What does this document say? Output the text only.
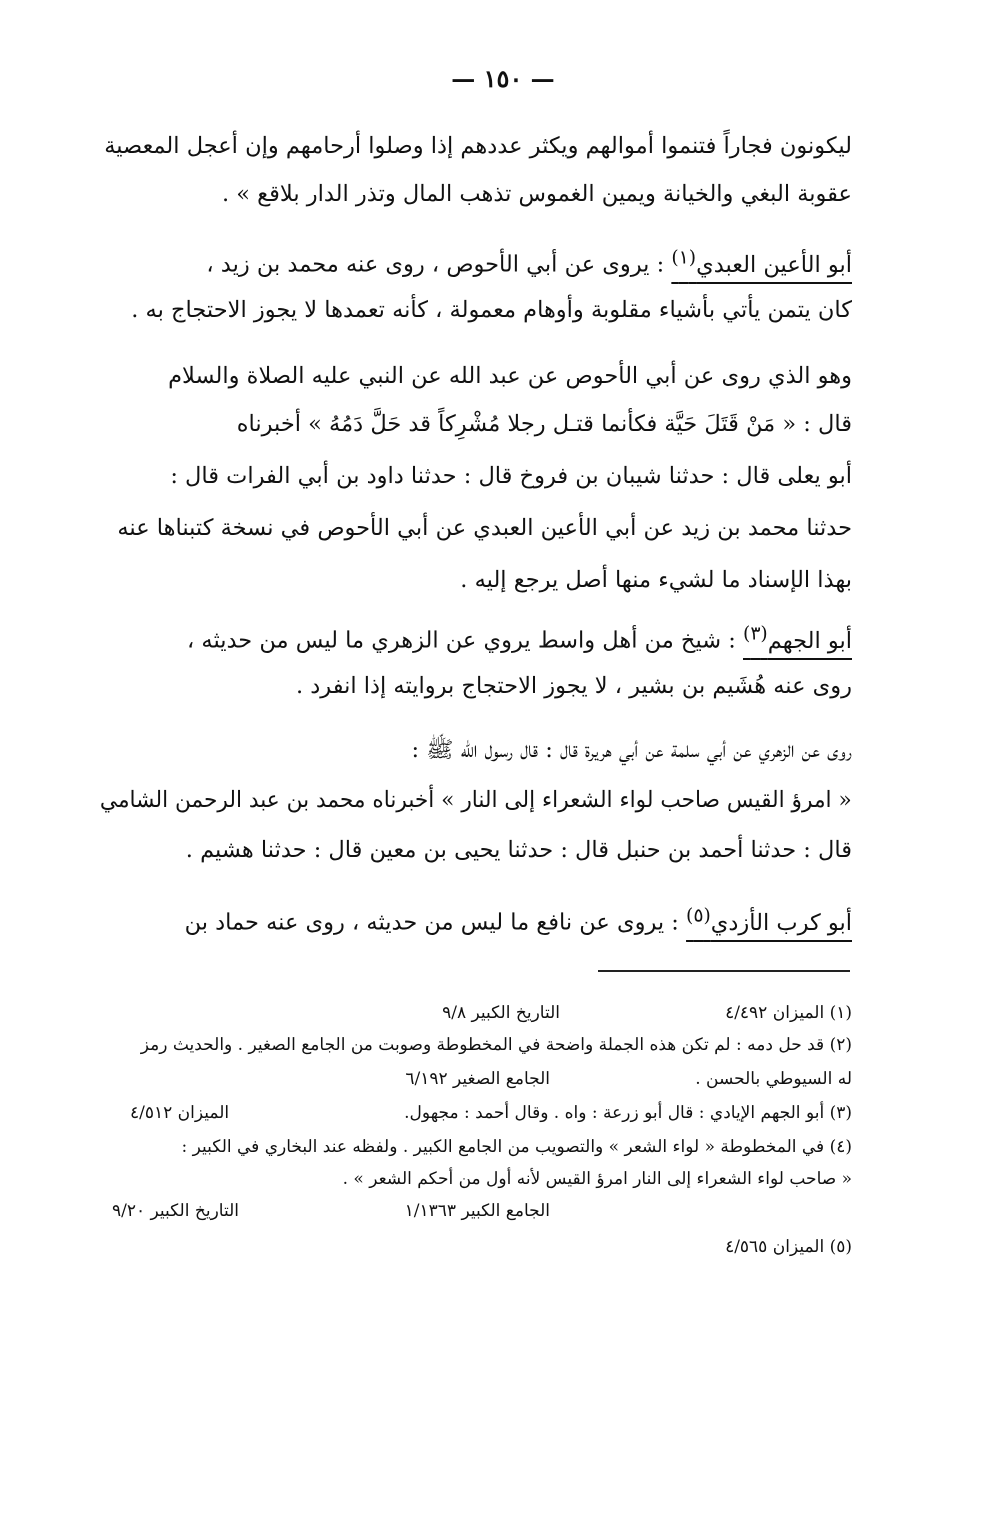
— ١٥٠ —
ليكونون فجاراً فتنموا أموالهم ويكثر عددهم إذا وصلوا أرحامهم وإن أعجل المعصية
عقوبة البغي والخيانة ويمين الغموس تذهب المال وتذر الدار بلاقع » .
أبو الأعين العبدي$^{(١)}$ : يروى عن أبي الأحوص ، روى عنه محمد بن زيد ،
كان يتمن يأتي بأشياء مقلوبة وأوهام معمولة ، كأنه تعمدها لا يجوز الاحتجاج به .
وهو الذي روى عن أبي الأحوص عن عبد الله عن النبي عليه الصلاة والسلام
قال : « مَنْ قَتَلَ حَيَّة فكأنما قتـل رجلا مُشْرِكاً قد حَلَّ دَمُهُ » أخبرناه
أبو يعلى قال : حدثنا شيبان بن فروخ قال : حدثنا داود بن أبي الفرات قال :
حدثنا محمد بن زيد عن أبي الأعين العبدي عن أبي الأحوص في نسخة كتبناها عنه
بهذا الإسناد ما لشيء منها أصل يرجع إليه .
أبو الجهم$^{(٣)}$ : شيخ من أهل واسط يروي عن الزهري ما ليس من حديثه ،
روى عنه هُشَيم بن بشير ، لا يجوز الاحتجاج بروايته إذا انفرد .
روى عن الزهري عن أبي سلمة عن أبي هريرة قال : قال رسول الله ﷺ :
« امرؤ القيس صاحب لواء الشعراء إلى النار » أخبرناه محمد بن عبد الرحمن الشامي
قال : حدثنا أحمد بن حنبل قال : حدثنا يحيى بن معين قال : حدثنا هشيم .
أبو كرب الأزدي$^{(٥)}$ : يروى عن نافع ما ليس من حديثه ، روى عنه حماد بن
(١) الميزان ٤/٤٩٢
التاريخ الكبير ٩/٨
(٢) قد حل دمه : لم تكن هذه الجملة واضحة في المخطوطة وصوبت من الجامع الصغير . والحديث رمز
له السيوطي بالحسن .
الجامع الصغير ٦/١٩٢
(٣) أبو الجهم الإيادي : قال أبو زرعة : واه . وقال أحمد : مجهول.
الميزان ٤/٥١٢
(٤) في المخطوطة « لواء الشعر » والتصويب من الجامع الكبير . ولفظه عند البخاري في الكبير :
« صاحب لواء الشعراء إلى النار امرؤ القيس لأنه أول من أحكم الشعر » .
الجامع الكبير ١/١٣٦٣
التاريخ الكبير ٩/٢٠
(٥) الميزان ٤/٥٦٥
